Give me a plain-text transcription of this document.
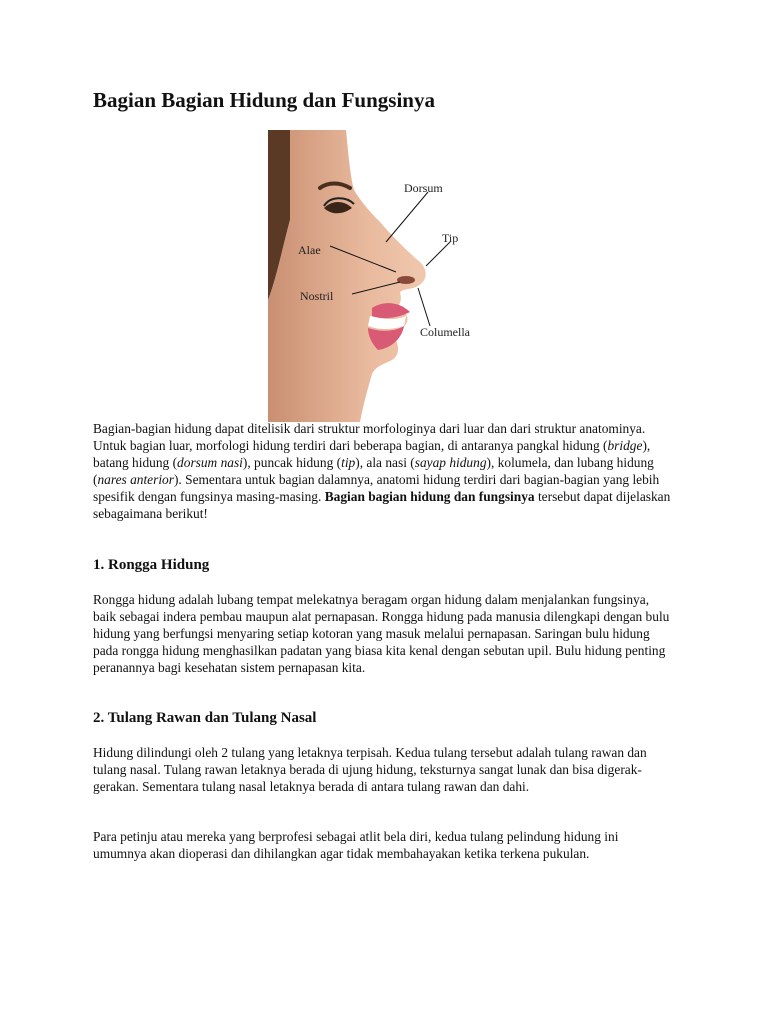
Bagian Bagian Hidung dan Fungsinya
Dorsum
Tip
Alae
Nostril
Columella

Bagian-bagian hidung dapat ditelisik dari struktur morfologinya dari luar dan dari struktur anatominya. Untuk bagian luar, morfologi hidung terdiri dari beberapa bagian, di antaranya pangkal hidung (bridge), batang hidung (dorsum nasi), puncak hidung (tip), ala nasi (sayap hidung), kolumela, dan lubang hidung (nares anterior). Sementara untuk bagian dalamnya, anatomi hidung terdiri dari bagian-bagian yang lebih spesifik dengan fungsinya masing-masing. Bagian bagian hidung dan fungsinya tersebut dapat dijelaskan sebagaimana berikut!

1. Rongga Hidung

Rongga hidung adalah lubang tempat melekatnya beragam organ hidung dalam menjalankan fungsinya, baik sebagai indera pembau maupun alat pernapasan. Rongga hidung pada manusia dilengkapi dengan bulu hidung yang berfungsi menyaring setiap kotoran yang masuk melalui pernapasan. Saringan bulu hidung pada rongga hidung menghasilkan padatan yang biasa kita kenal dengan sebutan upil. Bulu hidung penting peranannya bagi kesehatan sistem pernapasan kita.

2. Tulang Rawan dan Tulang Nasal

Hidung dilindungi oleh 2 tulang yang letaknya terpisah. Kedua tulang tersebut adalah tulang rawan dan tulang nasal. Tulang rawan letaknya berada di ujung hidung, teksturnya sangat lunak dan bisa digerak-gerakan. Sementara tulang nasal letaknya berada di antara tulang rawan dan dahi.

Para petinju atau mereka yang berprofesi sebagai atlit bela diri, kedua tulang pelindung hidung ini umumnya akan dioperasi dan dihilangkan agar tidak membahayakan ketika terkena pukulan.
